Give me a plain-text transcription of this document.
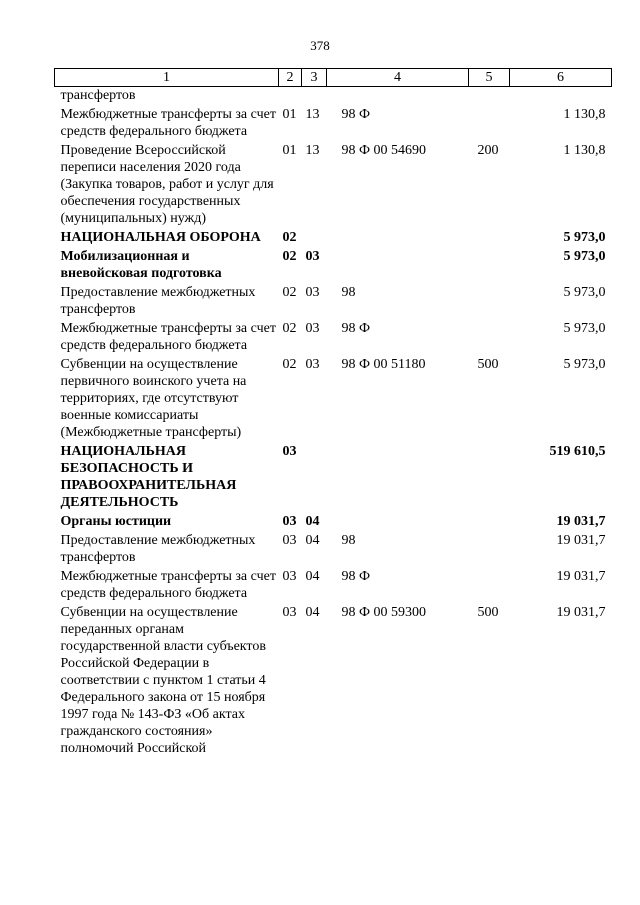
378
1	2	3	4	5	6
трансфертов					
Межбюджетные трансферты за счет средств федерального бюджета	01	13	98 Ф		1 130,8
Проведение Всероссийской переписи населения 2020 года (Закупка товаров, работ и услуг для обеспечения государственных (муниципальных) нужд)	01	13	98 Ф 00 54690	200	1 130,8
НАЦИОНАЛЬНАЯ ОБОРОНА	02				5 973,0
Мобилизационная и вневойсковая подготовка	02	03			5 973,0
Предоставление межбюджетных трансфертов	02	03	98		5 973,0
Межбюджетные трансферты за счет средств федерального бюджета	02	03	98 Ф		5 973,0
Субвенции на осуществление первичного воинского учета на территориях, где отсутствуют военные комиссариаты (Межбюджетные трансферты)	02	03	98 Ф 00 51180	500	5 973,0
НАЦИОНАЛЬНАЯ БЕЗОПАСНОСТЬ И ПРАВООХРАНИТЕЛЬНАЯ ДЕЯТЕЛЬНОСТЬ	03				519 610,5
Органы юстиции	03	04			19 031,7
Предоставление межбюджетных трансфертов	03	04	98		19 031,7
Межбюджетные трансферты за счет средств федерального бюджета	03	04	98 Ф		19 031,7
Субвенции на осуществление переданных органам государственной власти субъектов Российской Федерации в соответствии с пунктом 1 статьи 4 Федерального закона от 15 ноября 1997 года № 143-ФЗ «Об актах гражданского состояния» полномочий Российской	03	04	98 Ф 00 59300	500	19 031,7
